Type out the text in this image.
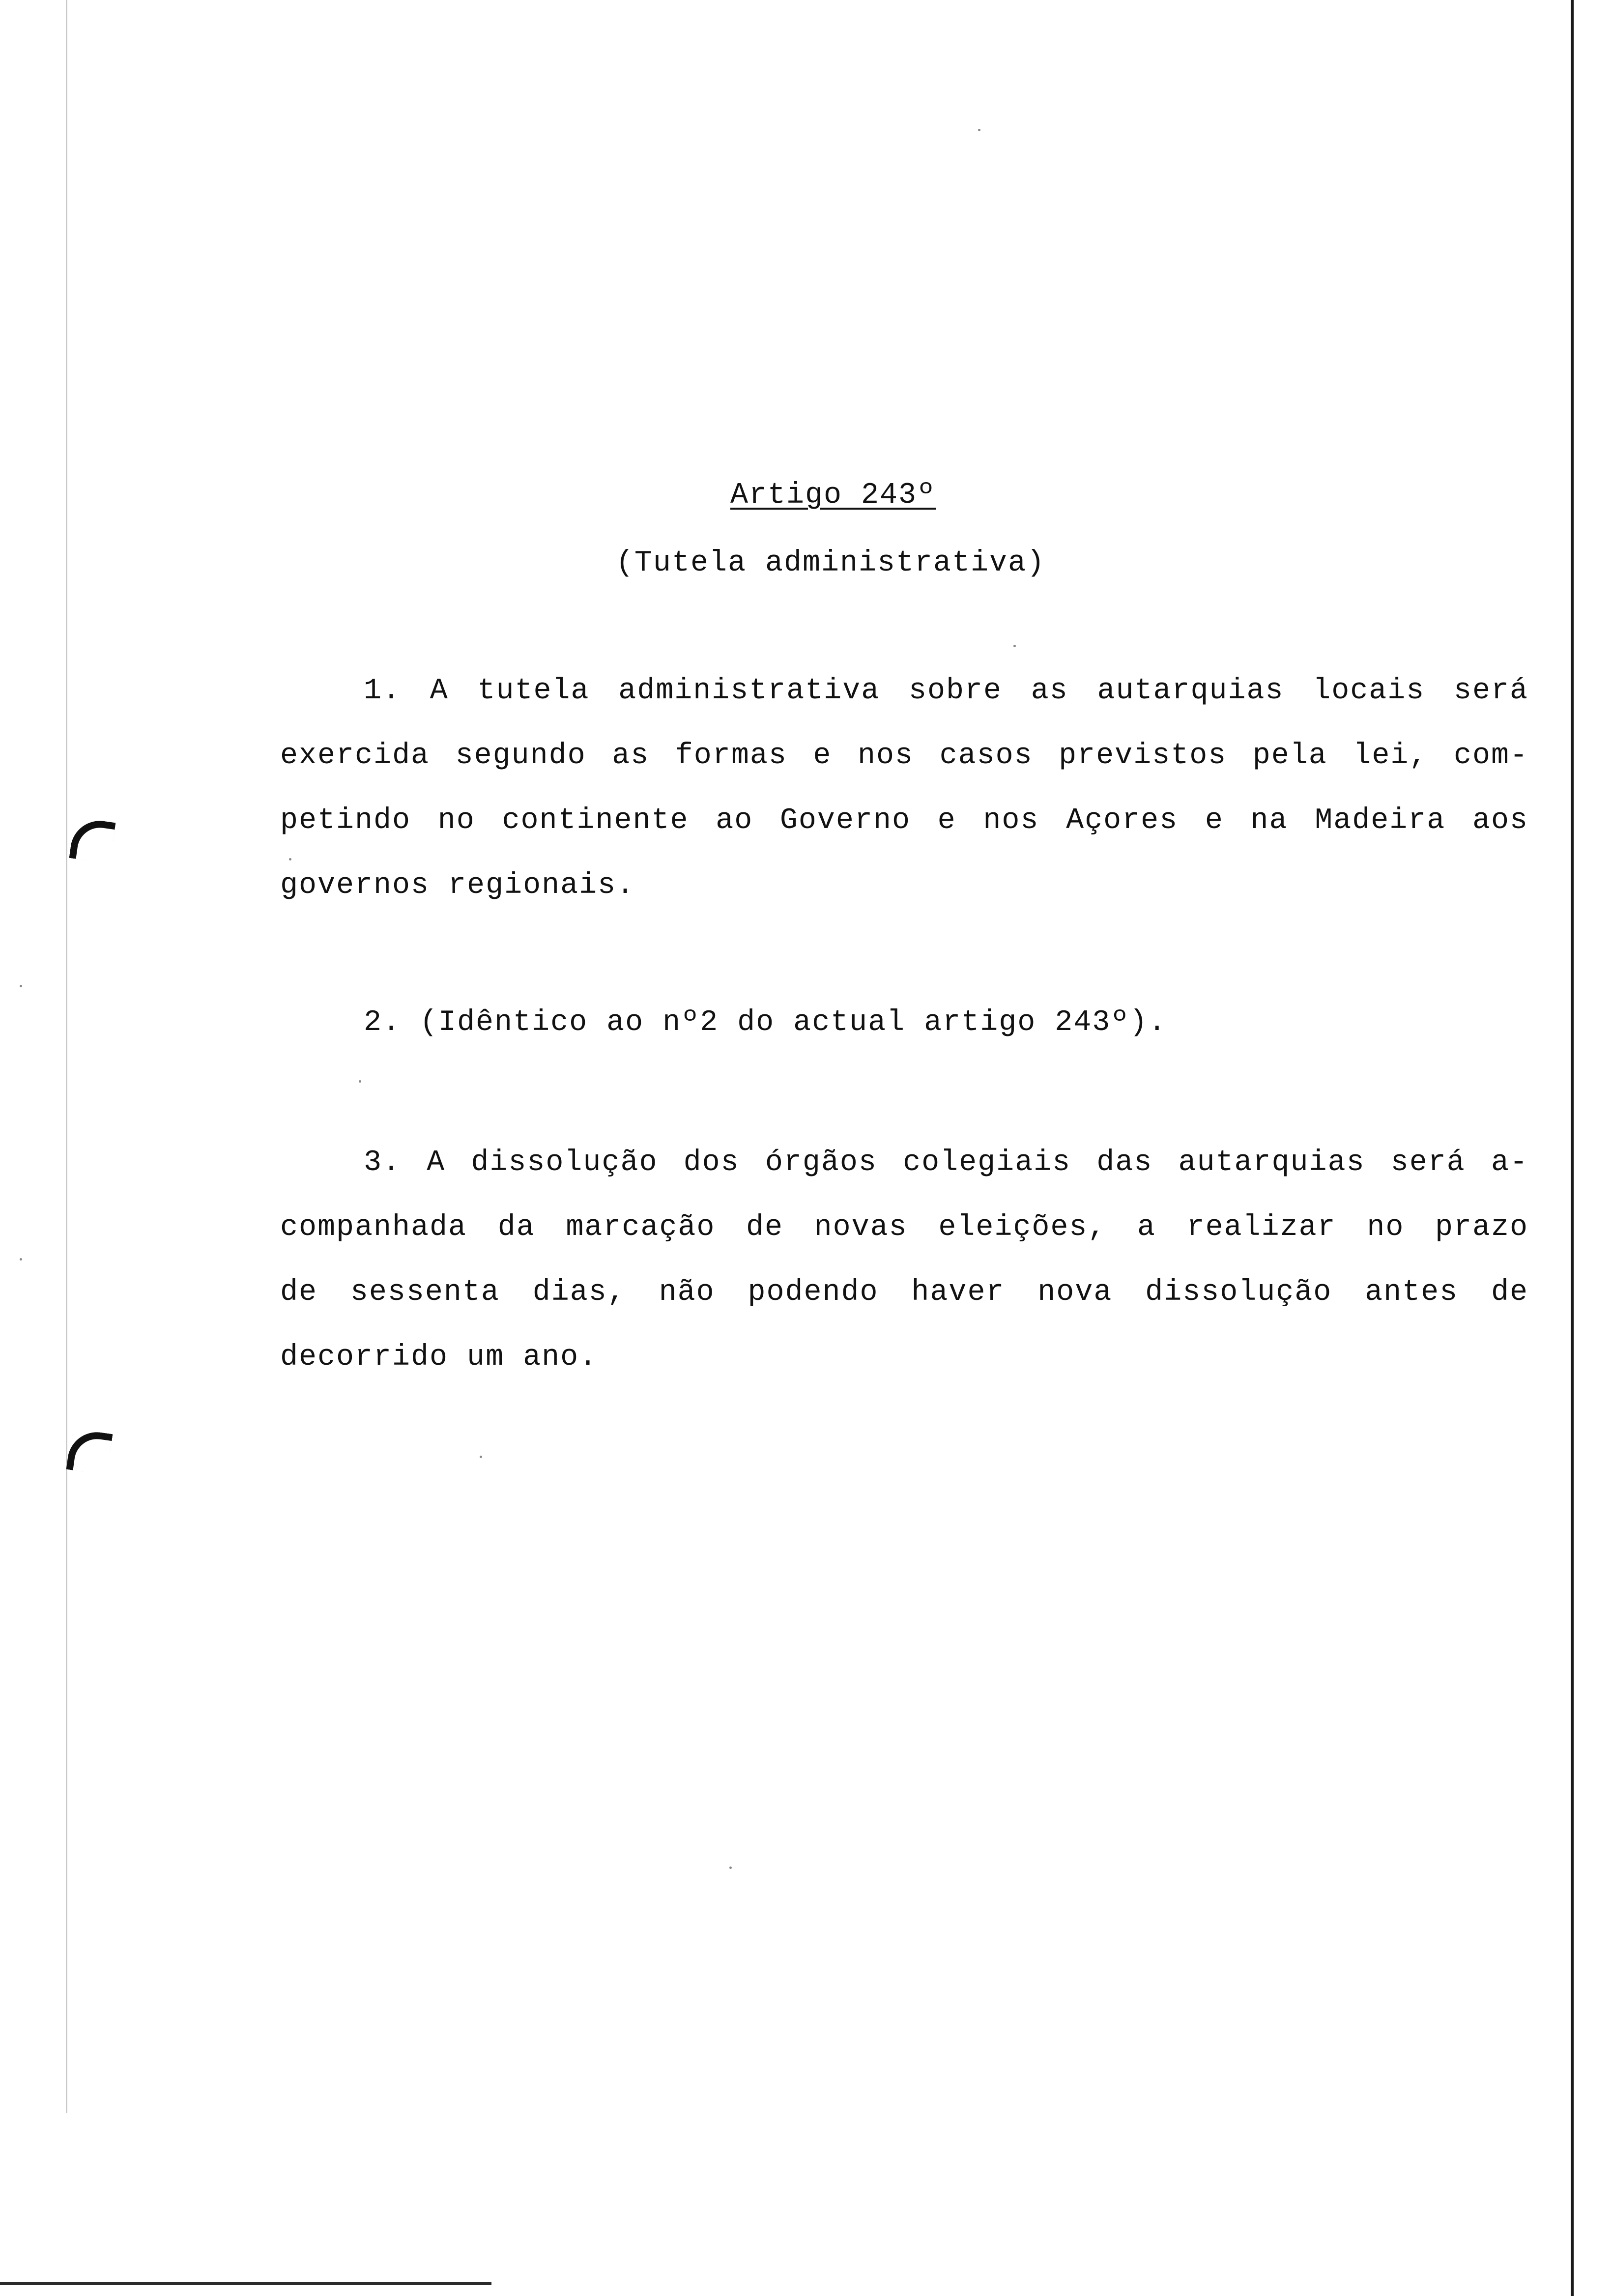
Artigo 243º
(Tutela administrativa)

1. A tutela administrativa sobre as autarquias locais será
exercida segundo as formas e nos casos previstos pela lei, com-
petindo no continente ao Governo e nos Açores e na Madeira aos
governos regionais.

2. (Idêntico ao nº2 do actual artigo 243º).

3. A dissolução dos órgãos colegiais das autarquias será a-
companhada da marcação de novas eleições, a realizar no prazo
de sessenta dias, não podendo haver nova dissolução antes de
decorrido um ano.
